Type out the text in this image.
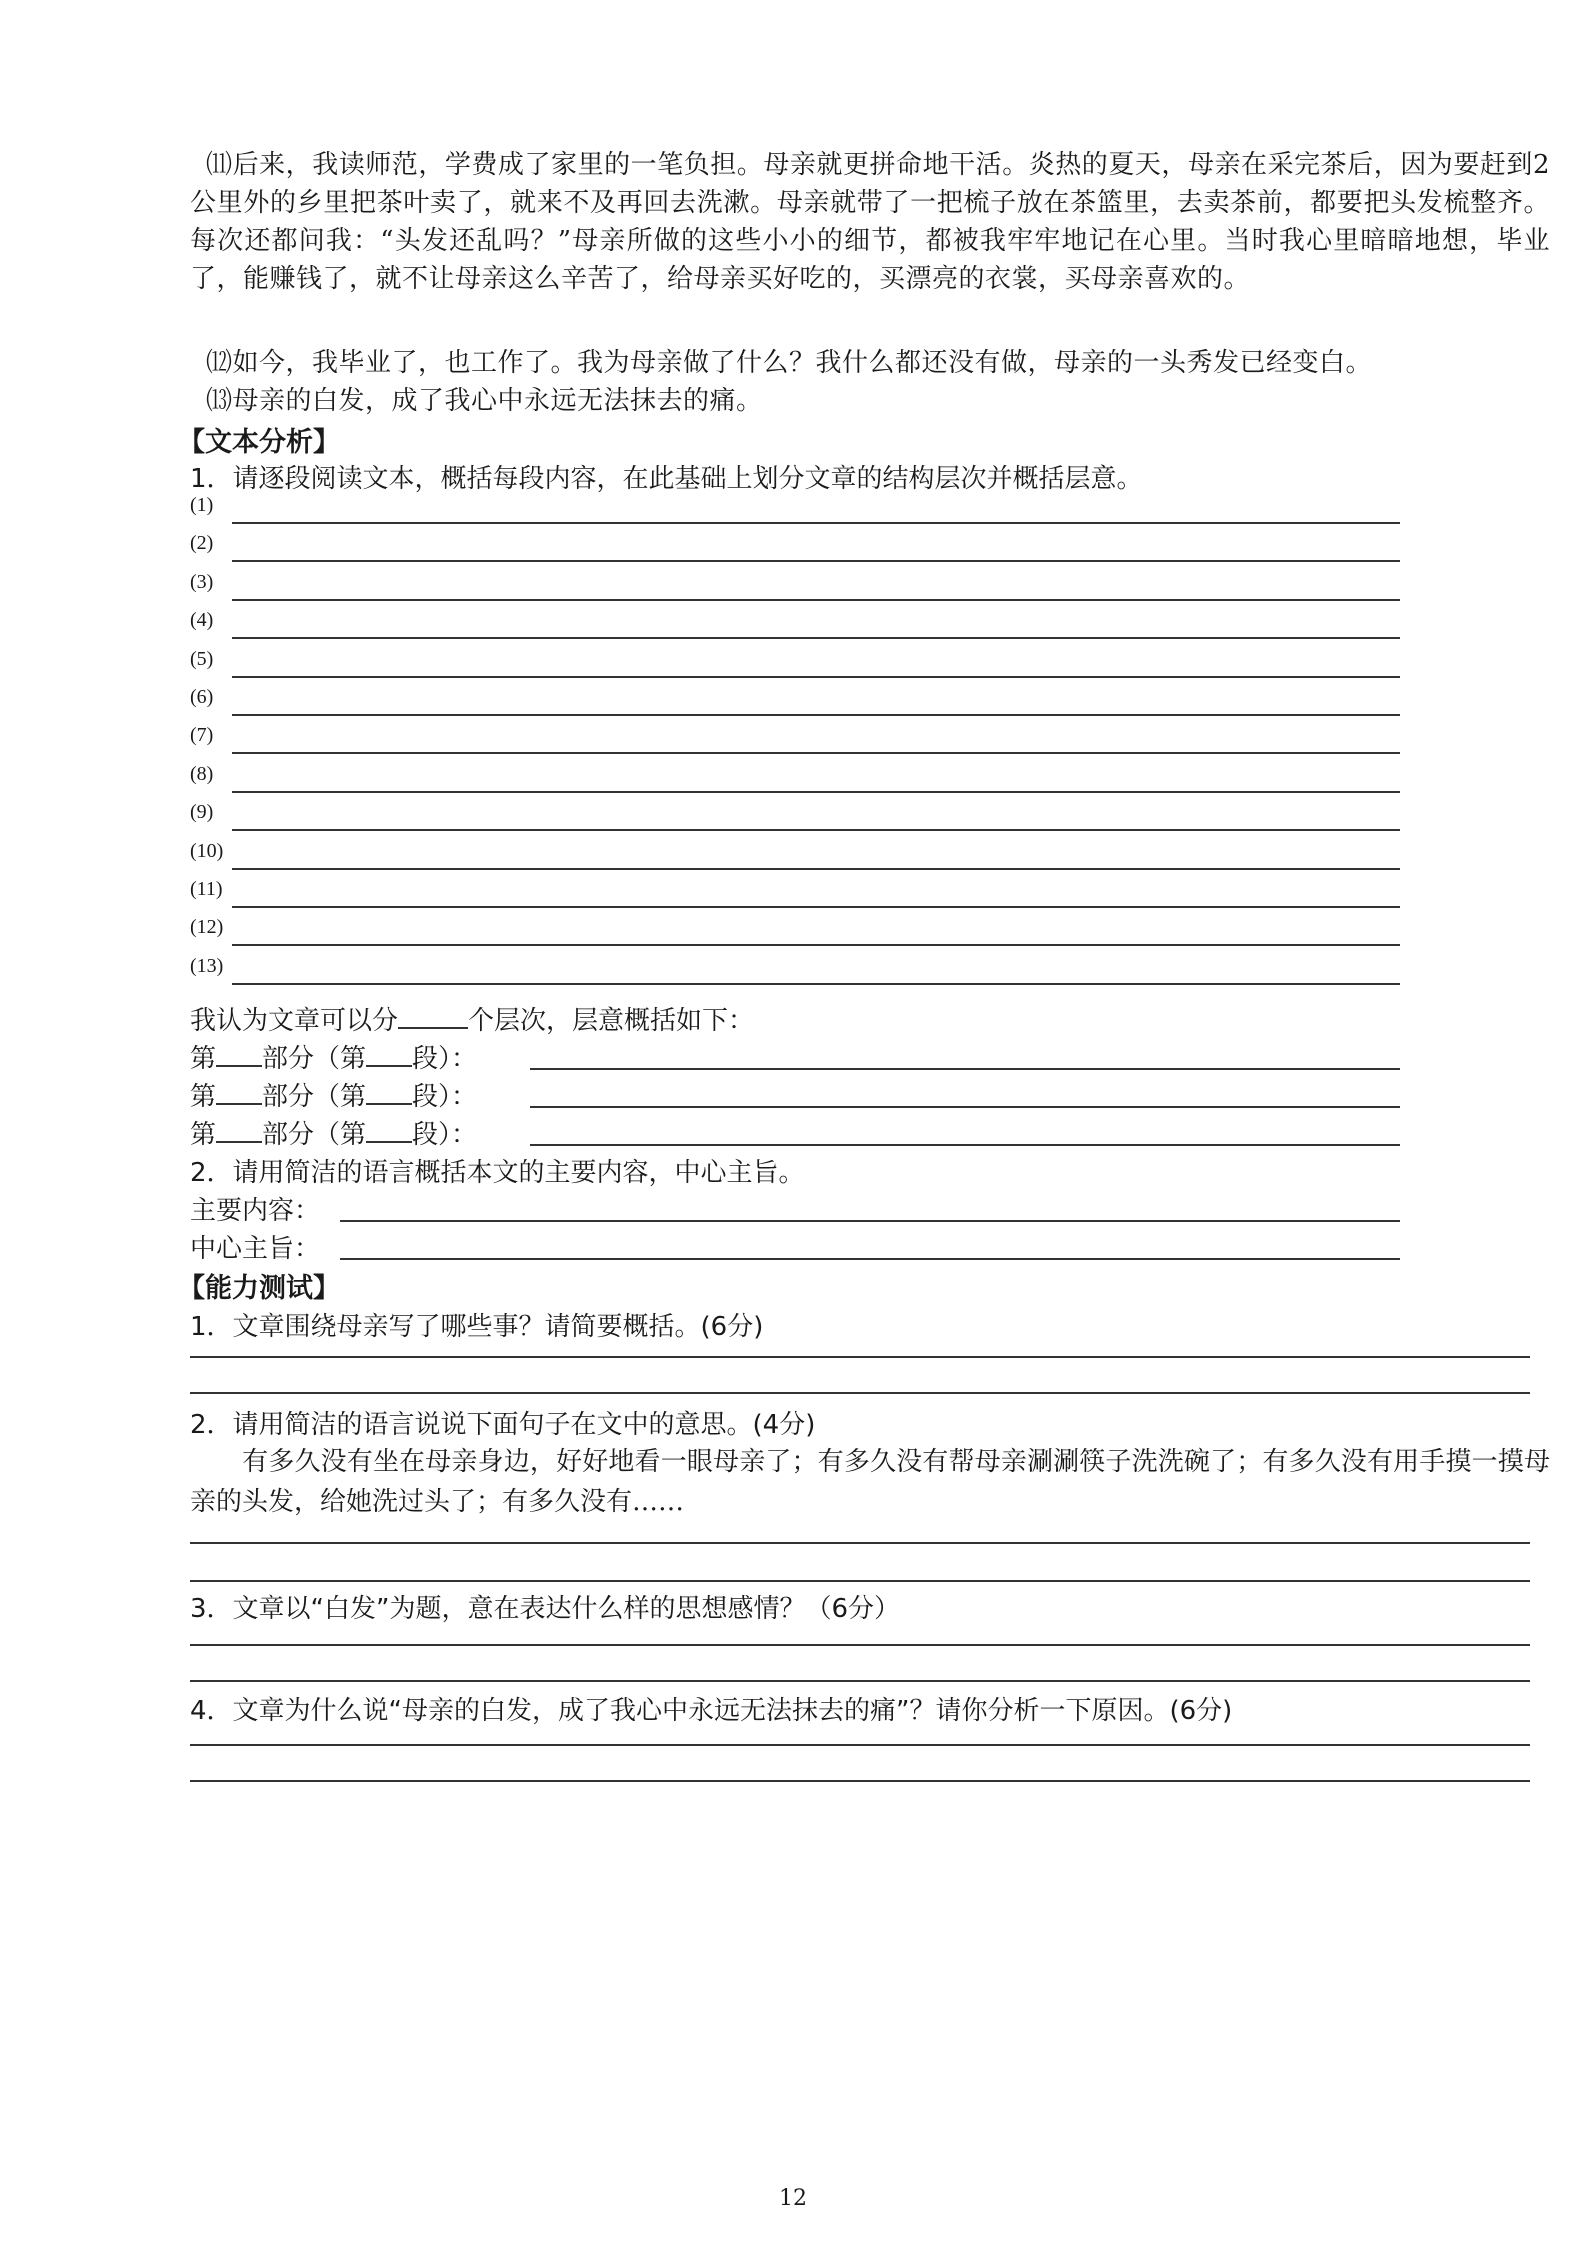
⑾后来，我读师范，学费成了家里的一笔负担。母亲就更拼命地干活。炎热的夏天，母亲在采完茶后，因为要赶到2公里外的乡里把茶叶卖了，就来不及再回去洗漱。母亲就带了一把梳子放在茶篮里，去卖茶前，都要把头发梳整齐。每次还都问我：“头发还乱吗？”母亲所做的这些小小的细节，都被我牢牢地记在心里。当时我心里暗暗地想，毕业了，能赚钱了，就不让母亲这么辛苦了，给母亲买好吃的，买漂亮的衣裳，买母亲喜欢的。
⑿如今，我毕业了，也工作了。我为母亲做了什么？我什么都还没有做，母亲的一头秀发已经变白。
⒀母亲的白发，成了我心中永远无法抹去的痛。
【文本分析】
1．请逐段阅读文本，概括每段内容，在此基础上划分文章的结构层次并概括层意。
(1)
(2)
(3)
(4)
(5)
(6)
(7)
(8)
(9)
(10)
(11)
(12)
(13)
我认为文章可以分	个层次，层意概括如下：
第 部分（第 段）：
第 部分（第 段）：
第 部分（第 段）：
2．请用简洁的语言概括本文的主要内容，中心主旨。
主要内容：
中心主旨：
【能力测试】
1．文章围绕母亲写了哪些事？请简要概括。(6分)
2．请用简洁的语言说说下面句子在文中的意思。(4分)
有多久没有坐在母亲身边，好好地看一眼母亲了；有多久没有帮母亲涮涮筷子洗洗碗了；有多久没有用手摸一摸母亲的头发，给她洗过头了；有多久没有……
3．文章以“白发”为题，意在表达什么样的思想感情？（6分）
4．文章为什么说“母亲的白发，成了我心中永远无法抹去的痛”？请你分析一下原因。(6分)
12
